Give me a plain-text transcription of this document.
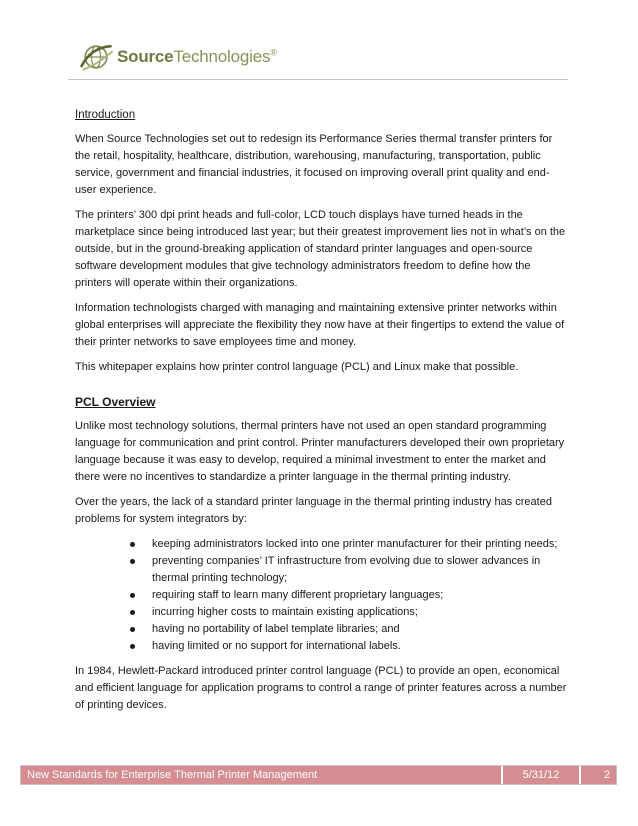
SourceTechnologies®
Introduction

When Source Technologies set out to redesign its Performance Series thermal transfer printers for the retail, hospitality, healthcare, distribution, warehousing, manufacturing, transportation, public service, government and financial industries, it focused on improving overall print quality and end-user experience.

The printers’ 300 dpi print heads and full-color, LCD touch displays have turned heads in the marketplace since being introduced last year; but their greatest improvement lies not in what’s on the outside, but in the ground-breaking application of standard printer languages and open-source software development modules that give technology administrators freedom to define how the printers will operate within their organizations.

Information technologists charged with managing and maintaining extensive printer networks within global enterprises will appreciate the flexibility they now have at their fingertips to extend the value of their printer networks to save employees time and money.

This whitepaper explains how printer control language (PCL) and Linux make that possible.

PCL Overview

Unlike most technology solutions, thermal printers have not used an open standard programming language for communication and print control. Printer manufacturers developed their own proprietary language because it was easy to develop, required a minimal investment to enter the market and there were no incentives to standardize a printer language in the thermal printing industry.

Over the years, the lack of a standard printer language in the thermal printing industry has created problems for system integrators by:

keeping administrators locked into one printer manufacturer for their printing needs;
preventing companies’ IT infrastructure from evolving due to slower advances in thermal printing technology;
requiring staff to learn many different proprietary languages;
incurring higher costs to maintain existing applications;
having no portability of label template libraries; and
having limited or no support for international labels.

In 1984, Hewlett-Packard introduced printer control language (PCL) to provide an open, economical and efficient language for application programs to control a range of printer features across a number of printing devices.

New Standards for Enterprise Thermal Printer Management	5/31/12	2
